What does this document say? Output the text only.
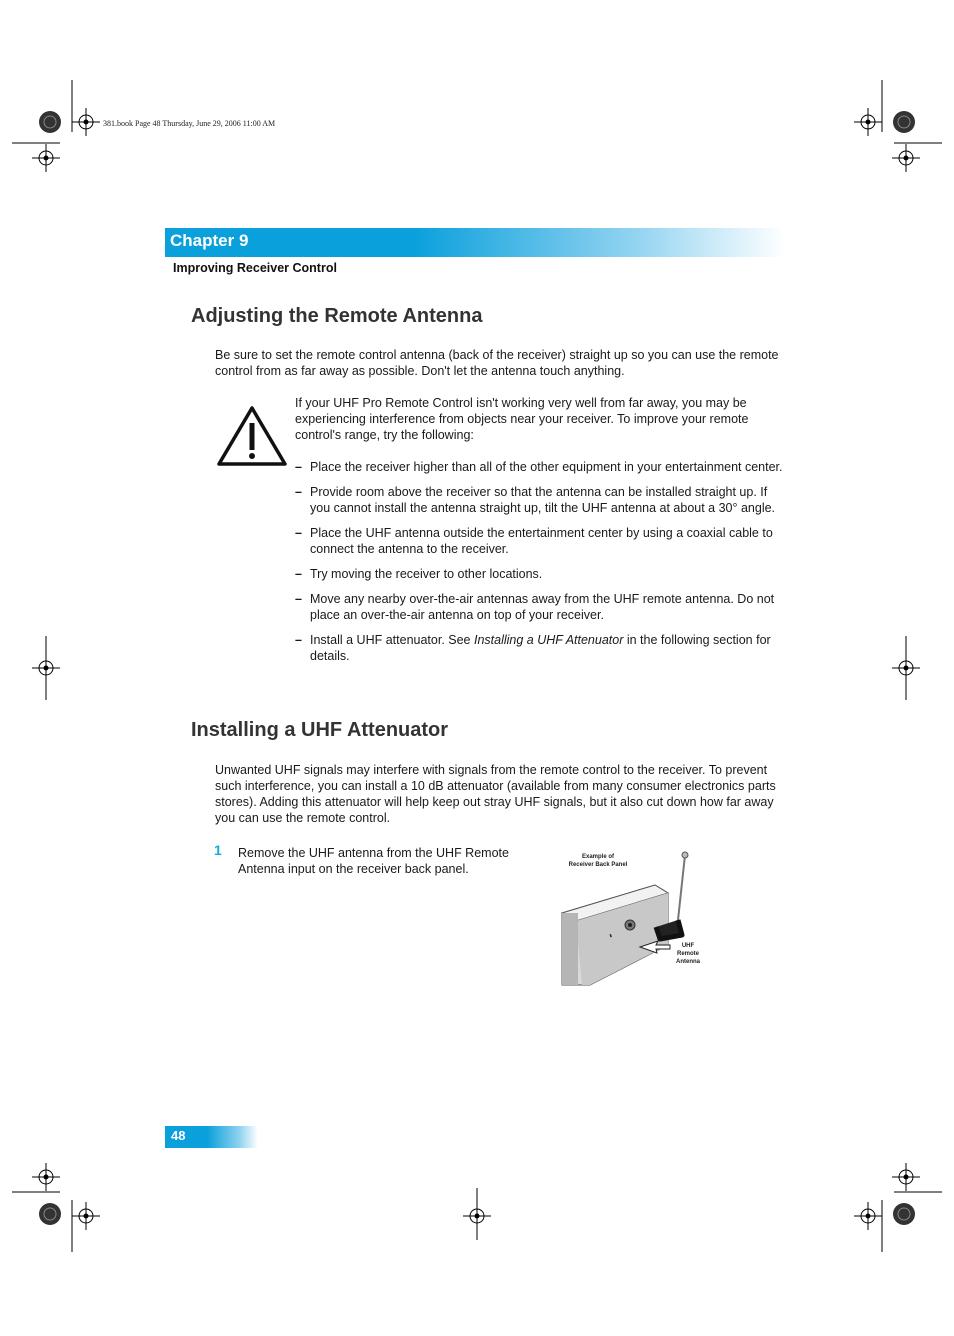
381.book Page 48 Thursday, June 29, 2006 11:00 AM
Chapter 9
Improving Receiver Control
Adjusting the Remote Antenna

Be sure to set the remote control antenna (back of the receiver) straight up so you can use the remote control from as far away as possible. Don't let the antenna touch anything.

If your UHF Pro Remote Control isn't working very well from far away, you may be experiencing interference from objects near your receiver. To improve your remote control's range, try the following:

– Place the receiver higher than all of the other equipment in your entertainment center.
– Provide room above the receiver so that the antenna can be installed straight up. If you cannot install the antenna straight up, tilt the UHF antenna at about a 30° angle.
– Place the UHF antenna outside the entertainment center by using a coaxial cable to connect the antenna to the receiver.
– Try moving the receiver to other locations.
– Move any nearby over-the-air antennas away from the UHF remote antenna. Do not place an over-the-air antenna on top of your receiver.
– Install a UHF attenuator. See Installing a UHF Attenuator in the following section for details.
Installing a UHF Attenuator

Unwanted UHF signals may interfere with signals from the remote control to the receiver. To prevent such interference, you can install a 10 dB attenuator (available from many consumer electronics parts stores). Adding this attenuator will help keep out stray UHF signals, but it also cut down how far away you can use the remote control.

1 Remove the UHF antenna from the UHF Remote Antenna input on the receiver back panel.

Example of
Receiver Back Panel
▮
UHF
Remote
Antenna
48
